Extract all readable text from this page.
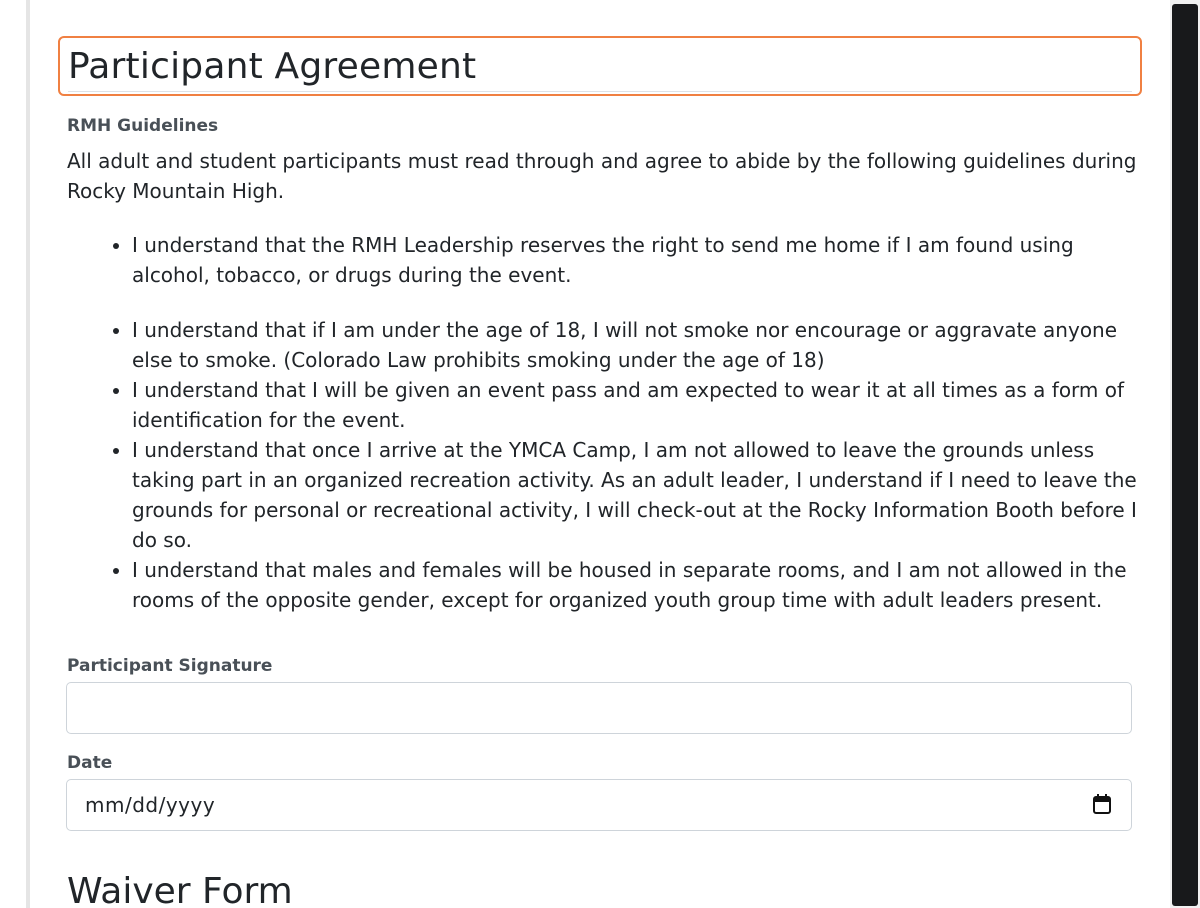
Participant Agreement
RMH Guidelines
All adult and student participants must read through and agree to abide by the following guidelines during Rocky Mountain High.
• I understand that the RMH Leadership reserves the right to send me home if I am found using alcohol, tobacco, or drugs during the event.
• I understand that if I am under the age of 18, I will not smoke nor encourage or aggravate anyone else to smoke. (Colorado Law prohibits smoking under the age of 18)
• I understand that I will be given an event pass and am expected to wear it at all times as a form of identification for the event.
• I understand that once I arrive at the YMCA Camp, I am not allowed to leave the grounds unless taking part in an organized recreation activity. As an adult leader, I understand if I need to leave the grounds for personal or recreational activity, I will check-out at the Rocky Information Booth before I do so.
• I understand that males and females will be housed in separate rooms, and I am not allowed in the rooms of the opposite gender, except for organized youth group time with adult leaders present.
Participant Signature
Date
mm/dd/yyyy
Waiver Form
